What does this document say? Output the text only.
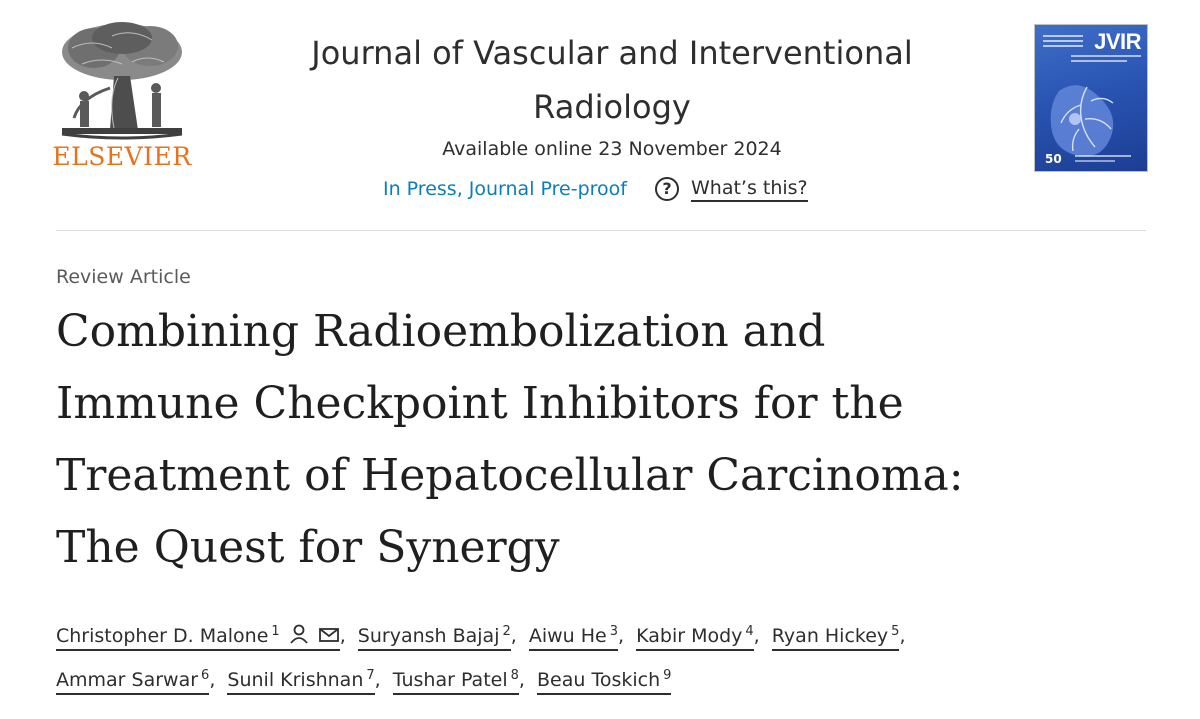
ELSEVIER
Journal of Vascular and Interventional Radiology
Available online 23 November 2024
In Press, Journal Pre-proof	?	What’s this?
JVIR
50
Review Article
Combining Radioembolization and
Immune Checkpoint Inhibitors for the
Treatment of Hepatocellular Carcinoma:
The Quest for Synergy
Christopher D. Malone $^1$	, Suryansh Bajaj $^2$, Aiwu He $^3$, Kabir Mody $^4$, Ryan Hickey $^5$,
Ammar Sarwar $^6$, Sunil Krishnan $^7$, Tushar Patel $^8$, Beau Toskich $^9$
